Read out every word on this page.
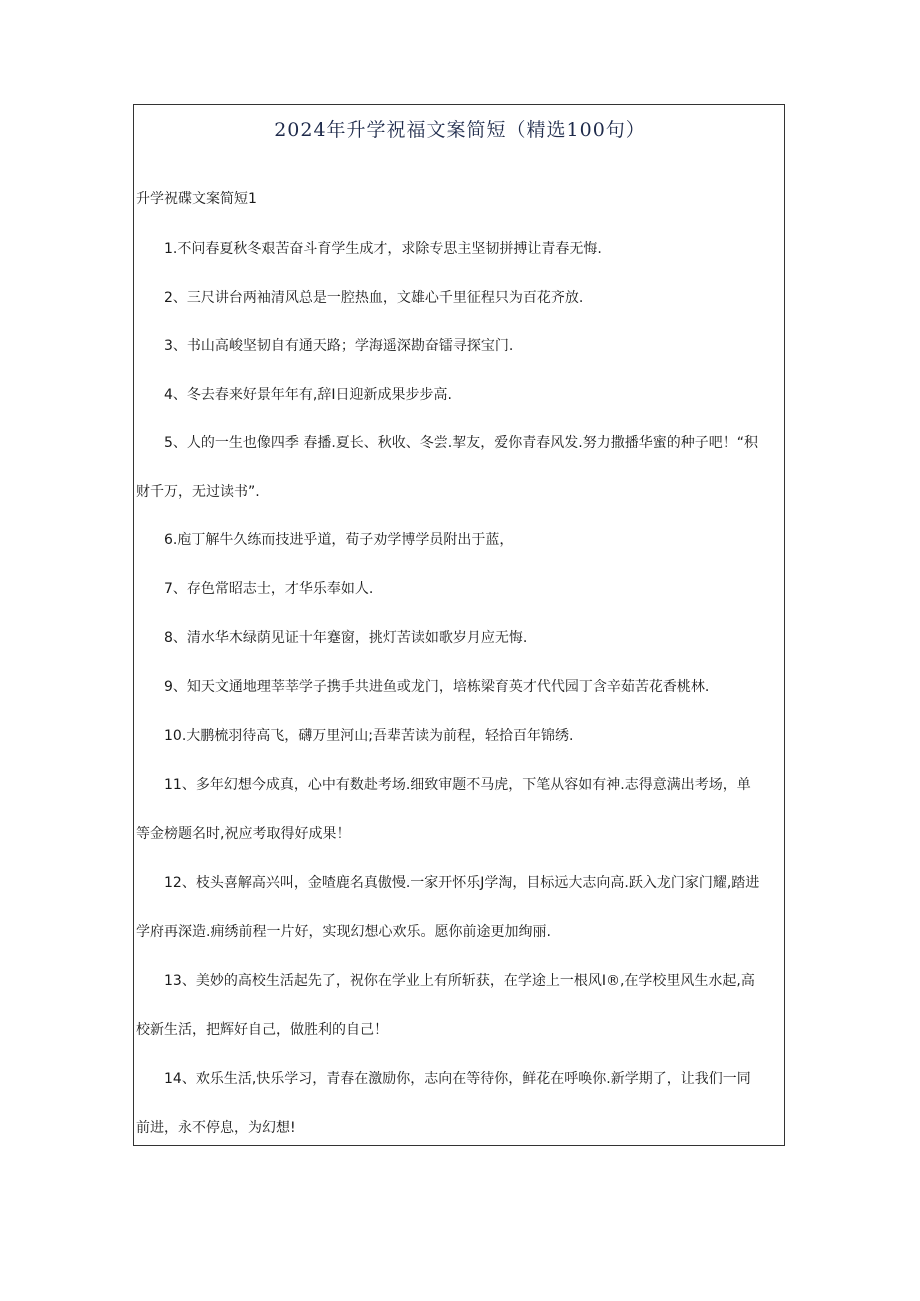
2024年升学祝福文案简短（精选100句）
升学祝碟文案简短1

1.不问春夏秋冬艰苦奋斗育学生成才，求除专思主坚韧拼搏让青春无悔.

2、三尺讲台两袖清风总是一腔热血，文雄心千里征程只为百花齐放.

3、书山高峻坚韧自有通天路；学海遥深勘奋镭寻探宝门.

4、冬去春来好景年年有,辞I日迎新成果步步高.

5、人的一生也像四季 春播.夏长、秋收、冬尝.挈友，爱你青春风发.努力撒播华蜜的种子吧！“积

财千万，无过读书”.

6.庖丁解牛久练而技进乎道，荀子劝学博学员附出于蓝，

7、存色常昭志士，才华乐奉如人.

8、清水华木绿荫见证十年蹇窗，挑灯苦读如歌岁月应无悔.

9、知天文通地理莘莘学子携手共进鱼或龙门，培栋梁育英才代代园丁含辛茹苦花香桃林.

10.大鹏梳羽待高飞，礴万里河山;吾辈苦读为前程，轻拾百年锦绣.

11、多年幻想今成真，心中有数赴考场.细致审题不马虎，下笔从容如有神.志得意满出考场，单

等金榜题名时,祝应考取得好成果！

12、枝头喜解高兴叫，金喳鹿名真傲慢.一家开怀乐J学淘，目标远大志向高.跃入龙门家门耀,踏进

学府再深造.痈绣前程一片好，实现幻想心欢乐。愿你前途更加绚丽.

13、美妙的高校生活起先了，祝你在学业上有所斩获，在学途上一根风I®,在学校里风生水起,高

校新生活，把辉好自己，做胜利的自己！

14、欢乐生活,快乐学习，青春在激励你，志向在等待你，鲜花在呼唤你.新学期了，让我们一同

前进，永不停息，为幻想!
